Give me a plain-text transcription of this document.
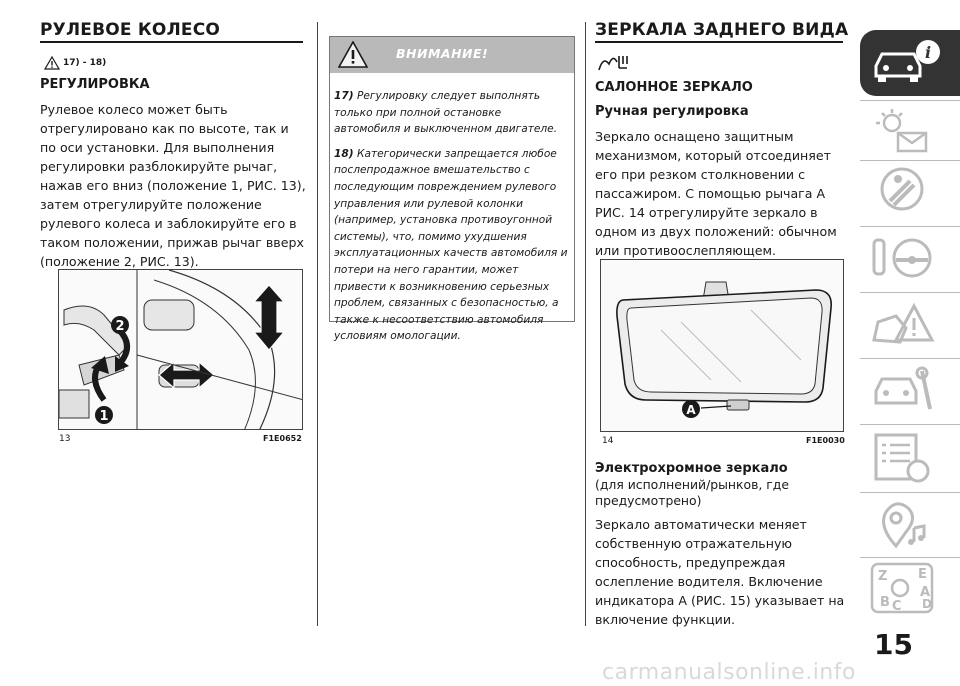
РУЛЕВОЕ КОЛЕСО
17) - 18)
РЕГУЛИРОВКА
Рулевое колесо может быть отрегулировано как по высоте, так и по оси установки. Для выполнения регулировки разблокируйте рычаг, нажав его вниз (положение 1, РИС. 13), затем отрегулируйте положение рулевого колеса и заблокируйте его в таком положении, прижав рычаг вверх (положение 2, РИС. 13).
2
1
13	F1E0652
ВНИМАНИЕ!

17) Регулировку следует выполнять только при полной остановке автомобиля и выключенном двигателе.

18) Категорически запрещается любое послепродажное вмешательство с последующим повреждением рулевого управления или рулевой колонки (например, установка противоугонной системы), что, помимо ухудшения эксплуатационных качеств автомобиля и потери на него гарантии, может привести к возникновению серьезных проблем, связанных с безопасностью, а также к несоответствию автомобиля условиям омологации.

ЗЕРКАЛА ЗАДНЕГО ВИДА
САЛОННОЕ ЗЕРКАЛО
Ручная регулировка
Зеркало оснащено защитным механизмом, который отсоединяет его при резком столкновении с пассажиром. С помощью рычага A РИС. 14 отрегулируйте зеркало в одном из двух положений: обычном или противоослепляющем.
A
14	F1E0030
Электрохромное зеркало
(для исполнений/рынков, где предусмотрено)
Зеркало автоматически меняет собственную отражательную способность, предупреждая ослепление водителя. Включение индикатора A (РИС. 15) указывает на включение функции.
i
Z E
A
B C D
15
carmanualsonline.info
